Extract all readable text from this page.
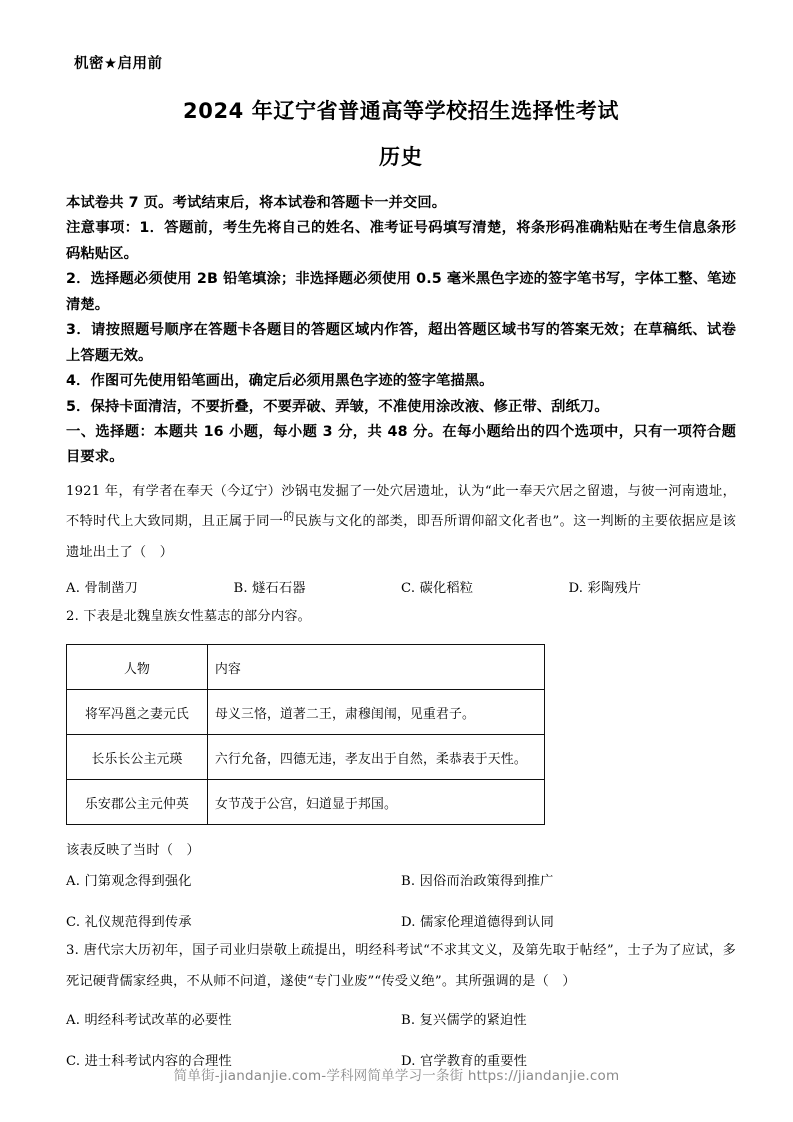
机密★启用前
2024 年辽宁省普通高等学校招生选择性考试
历史
本试卷共 7 页。考试结束后，将本试卷和答题卡一并交回。
注意事项：1．答题前，考生先将自己的姓名、准考证号码填写清楚，将条形码准确粘贴在考生信息条形码粘贴区。
2．选择题必须使用 2B 铅笔填涂；非选择题必须使用 0.5 毫米黑色字迹的签字笔书写，字体工整、笔迹清楚。
3．请按照题号顺序在答题卡各题目的答题区域内作答，超出答题区域书写的答案无效；在草稿纸、试卷上答题无效。
4．作图可先使用铅笔画出，确定后必须用黑色字迹的签字笔描黑。
5．保持卡面清洁，不要折叠，不要弄破、弄皱，不准使用涂改液、修正带、刮纸刀。
一、选择题：本题共 16 小题，每小题 3 分，共 48 分。在每小题给出的四个选项中，只有一项符合题目要求。
1921 年，有学者在奉天（今辽宁）沙锅屯发掘了一处穴居遗址，认为“此一奉天穴居之留遗，与彼一河南遗址，不特时代上大致同期，且正属于同一$^的$民族与文化的部类，即吾所谓仰韶文化者也”。这一判断的主要依据应是该遗址出土了（　）
A. 骨制凿刀	B. 燧石石器	C. 碳化稻粒	D. 彩陶残片
2. 下表是北魏皇族女性墓志的部分内容。
人物	内容
将军冯邕之妻元氏	母义三恪，道著二王，肃穆闺闱，见重君子。
长乐长公主元瑛	六行允备，四德无违，孝友出于自然，柔恭表于天性。
乐安郡公主元仲英	女节茂于公宫，妇道显于邦国。
该表反映了当时（　）
A. 门第观念得到强化	B. 因俗而治政策得到推广
C. 礼仪规范得到传承	D. 儒家伦理道德得到认同
3. 唐代宗大历初年，国子司业归崇敬上疏提出，明经科考试“不求其文义，及第先取于帖经”，士子为了应试，多死记硬背儒家经典，不从师不问道，遂使“专门业废”“传受义绝”。其所强调的是（　）
A. 明经科考试改革的必要性	B. 复兴儒学的紧迫性
C. 进士科考试内容的合理性	D. 官学教育的重要性
简单街-jiandanjie.com-学科网简单学习一条街 https://jiandanjie.com
